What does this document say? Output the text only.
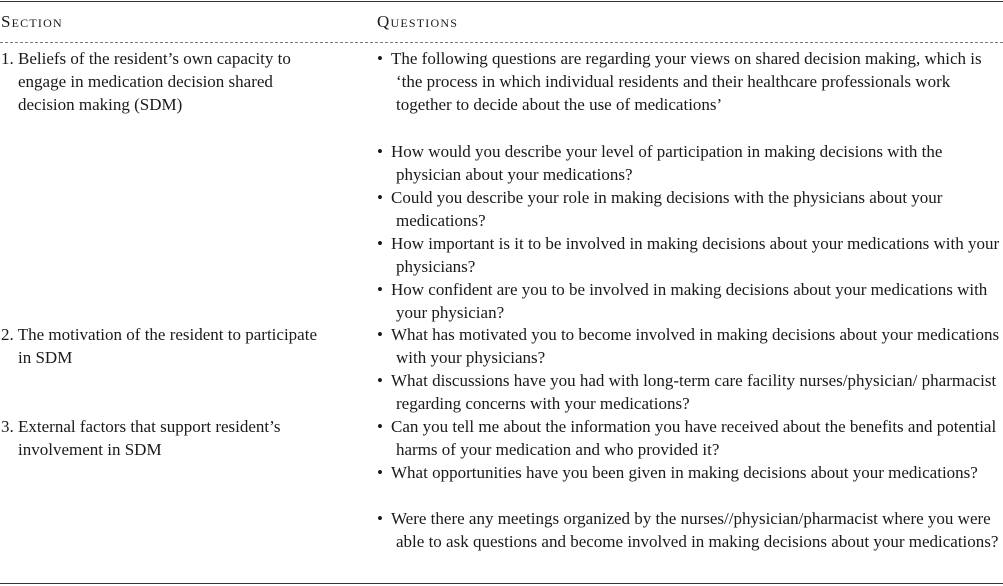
Section	Questions
1. Beliefs of the resident’s own capacity to engage in medication decision shared decision making (SDM)
• The following questions are regarding your views on shared decision making, which is ‘the process in which individual residents and their healthcare professionals work together to decide about the use of medications’
• How would you describe your level of participation in making decisions with the physician about your medications?
• Could you describe your role in making decisions with the physicians about your medications?
• How important is it to be involved in making decisions about your medications with your physicians?
• How confident are you to be involved in making decisions about your medications with your physician?
2. The motivation of the resident to participate in SDM
• What has motivated you to become involved in making decisions about your medications with your physicians?
• What discussions have you had with long-term care facility nurses/physician/ pharmacist regarding concerns with your medications?
3. External factors that support resident’s involvement in SDM
• Can you tell me about the information you have received about the benefits and potential harms of your medication and who provided it?
• What opportunities have you been given in making decisions about your medications?
• Were there any meetings organized by the nurses//physician/pharmacist where you were able to ask questions and become involved in making decisions about your medications?
